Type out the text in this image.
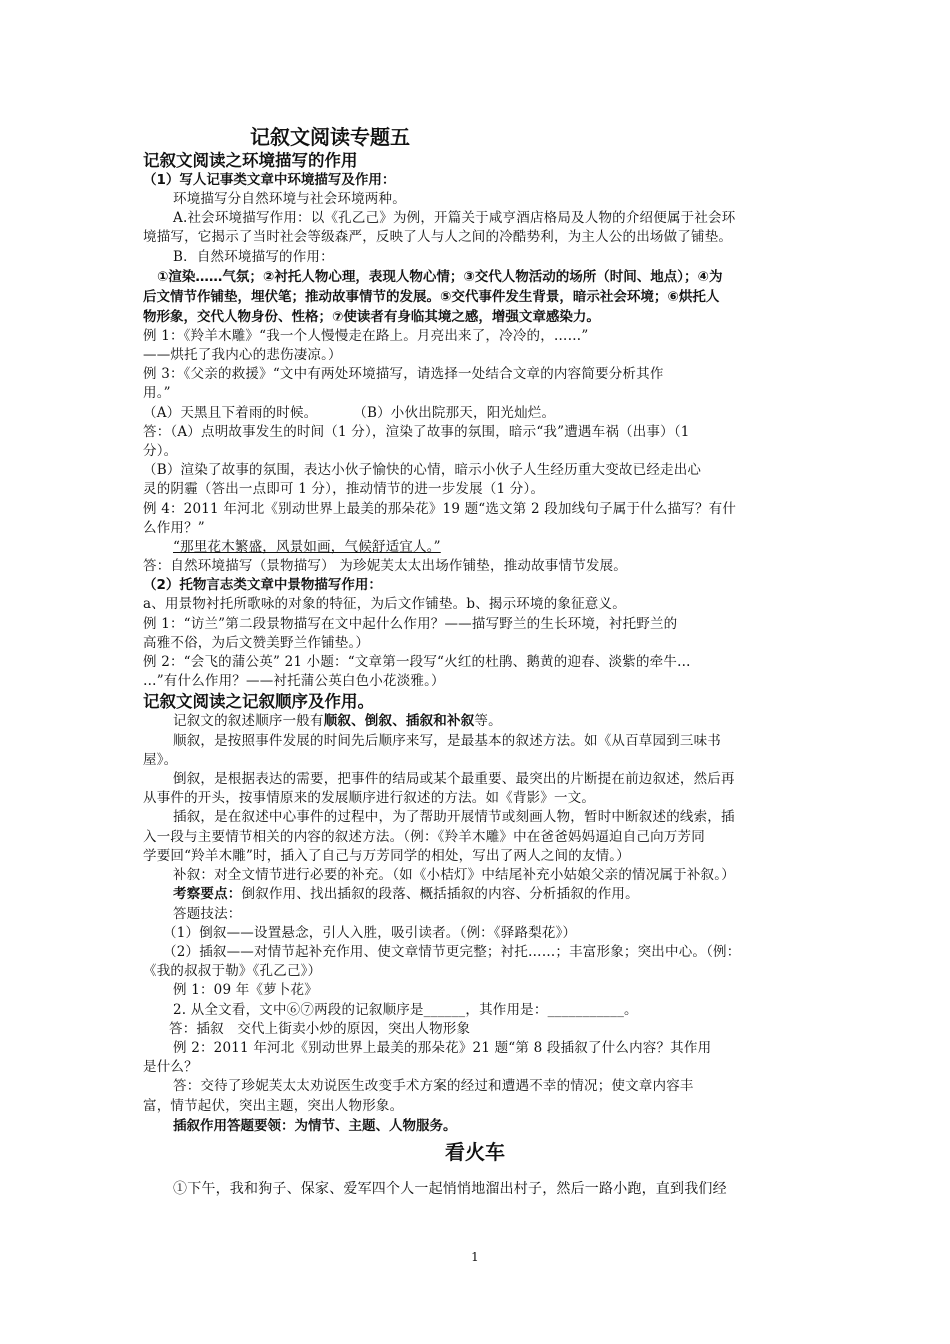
记叙文阅读专题五
记叙文阅读之环境描写的作用
（1）写人记事类文章中环境描写及作用：
环境描写分自然环境与社会环境两种。
A.社会环境描写作用：以《孔乙己》为例，开篇关于咸亨酒店格局及人物的介绍便属于社会环
境描写，它揭示了当时社会等级森严，反映了人与人之间的冷酷势利，为主人公的出场做了铺垫。
B．自然环境描写的作用：
①渲染……气氛；②衬托人物心理，表现人物心情；③交代人物活动的场所（时间、地点）；④为
后文情节作铺垫，埋伏笔；推动故事情节的发展。⑤交代事件发生背景，暗示社会环境；⑥烘托人
物形象，交代人物身份、性格；⑦使读者有身临其境之感，增强文章感染力。
例 1：《羚羊木雕》“我一个人慢慢走在路上。月亮出来了，冷冷的，……”
——烘托了我内心的悲伤凄凉。）
例 3：《父亲的救援》“文中有两处环境描写，请选择一处结合文章的内容简要分析其作
用。”
（A）天黑且下着雨的时候。        （B）小伙出院那天，阳光灿烂。
答：（A）点明故事发生的时间（1 分），渲染了故事的氛围，暗示“我”遭遇车祸（出事）（1
分）。
（B）渲染了故事的氛围，表达小伙子愉快的心情，暗示小伙子人生经历重大变故已经走出心
灵的阴霾（答出一点即可 1 分），推动情节的进一步发展（1 分）。
例 4：2011 年河北《别动世界上最美的那朵花》19 题“选文第 2 段加线句子属于什么描写？有什
么作用？”
“那里花木繁盛，风景如画，气候舒适宜人。”
答：自然环境描写（景物描写） 为珍妮芙太太出场作铺垫，推动故事情节发展。
（2）托物言志类文章中景物描写作用：
a、用景物衬托所歌咏的对象的特征，为后文作铺垫。b、揭示环境的象征意义。
例 1：“访兰”第二段景物描写在文中起什么作用？——描写野兰的生长环境，衬托野兰的
高雅不俗，为后文赞美野兰作铺垫。）
例 2：“会飞的蒲公英” 21 小题：“文章第一段写“火红的杜鹃、鹅黄的迎春、淡紫的牵牛…
…”有什么作用？——衬托蒲公英白色小花淡雅。）
记叙文阅读之记叙顺序及作用。
记叙文的叙述顺序一般有顺叙、倒叙、插叙和补叙等。
顺叙，是按照事件发展的时间先后顺序来写，是最基本的叙述方法。如《从百草园到三味书
屋》。
倒叙，是根据表达的需要，把事件的结局或某个最重要、最突出的片断提在前边叙述，然后再
从事件的开头，按事情原来的发展顺序进行叙述的方法。如《背影》一文。
插叙，是在叙述中心事件的过程中，为了帮助开展情节或刻画人物，暂时中断叙述的线索，插
入一段与主要情节相关的内容的叙述方法。（例：《羚羊木雕》中在爸爸妈妈逼迫自己向万芳同
学要回“羚羊木雕”时，插入了自己与万芳同学的相处，写出了两人之间的友情。）
补叙：对全文情节进行必要的补充。（如《小桔灯》中结尾补充小姑娘父亲的情况属于补叙。）
考察要点：倒叙作用、找出插叙的段落、概括插叙的内容、分析插叙的作用。
答题技法：
（1）倒叙——设置悬念，引人入胜，吸引读者。（例：《驿路梨花》）
（2）插叙——对情节起补充作用、使文章情节更完整；衬托……；丰富形象；突出中心。（例：
《我的叔叔于勒》《孔乙己》）
例 1：09 年《萝卜花》
2. 从全文看，文中⑥⑦两段的记叙顺序是______，其作用是：___________。
答：插叙   交代上街卖小炒的原因，突出人物形象
例 2：2011 年河北《别动世界上最美的那朵花》21 题“第 8 段插叙了什么内容？其作用
是什么？
答：交待了珍妮芙太太劝说医生改变手术方案的经过和遭遇不幸的情况；使文章内容丰
富，情节起伏，突出主题，突出人物形象。
插叙作用答题要领：为情节、主题、人物服务。
看火车
①下午，我和狗子、保家、爱军四个人一起悄悄地溜出村子，然后一路小跑，直到我们经
1
